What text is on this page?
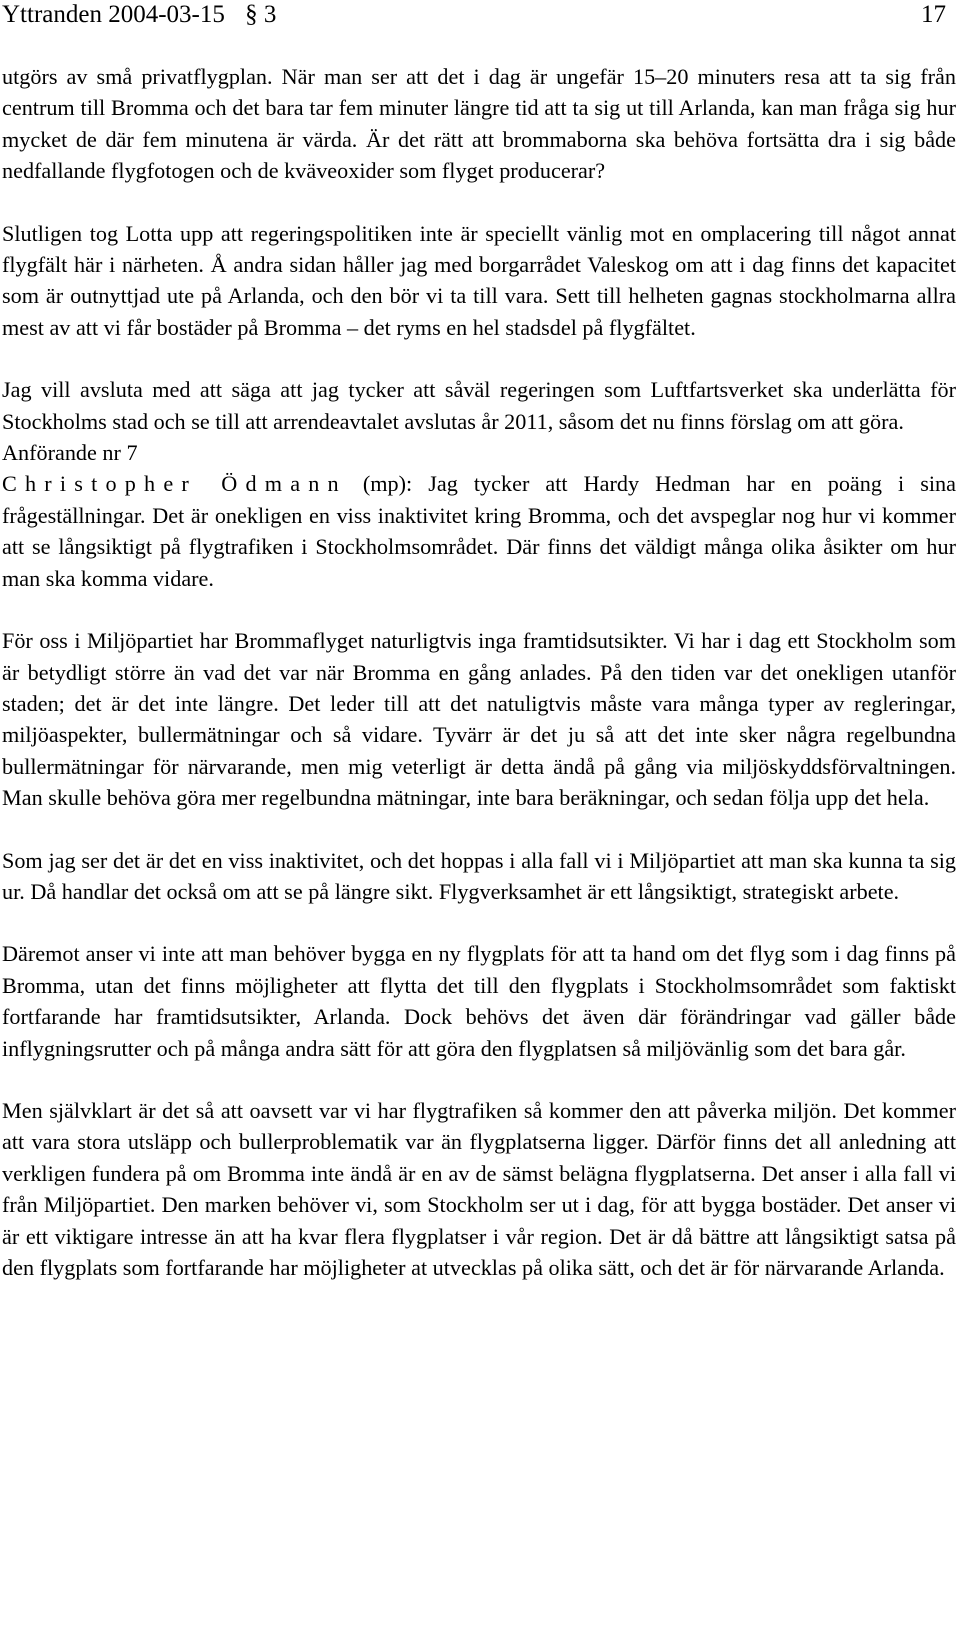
Yttranden 2004-03-15 § 3	17

utgörs av små privatflygplan. När man ser att det i dag är ungefär 15–20 minuters resa att ta sig från centrum till Bromma och det bara tar fem minuter längre tid att ta sig ut till Arlanda, kan man fråga sig hur mycket de där fem minutena är värda. Är det rätt att brommaborna ska behöva fortsätta dra i sig både nedfallande flygfotogen och de kväveoxider som flyget producerar?

Slutligen tog Lotta upp att regeringspolitiken inte är speciellt vänlig mot en omplacering till något annat flygfält här i närheten. Å andra sidan håller jag med borgarrådet Valeskog om att i dag finns det kapacitet som är outnyttjad ute på Arlanda, och den bör vi ta till vara. Sett till helheten gagnas stockholmarna allra mest av att vi får bostäder på Bromma – det ryms en hel stadsdel på flygfältet.

Jag vill avsluta med att säga att jag tycker att såväl regeringen som Luftfartsverket ska underlätta för Stockholms stad och se till att arrendeavtalet avslutas år 2011, såsom det nu finns förslag om att göra.

Anförande nr 7

Christopher Ödmann (mp): Jag tycker att Hardy Hedman har en poäng i sina frågeställningar. Det är onekligen en viss inaktivitet kring Bromma, och det avspeglar nog hur vi kommer att se långsiktigt på flygtrafiken i Stockholmsområdet. Där finns det väldigt många olika åsikter om hur man ska komma vidare.

För oss i Miljöpartiet har Brommaflyget naturligtvis inga framtidsutsikter. Vi har i dag ett Stockholm som är betydligt större än vad det var när Bromma en gång anlades. På den tiden var det onekligen utanför staden; det är det inte längre. Det leder till att det natuligtvis måste vara många typer av regleringar, miljöaspekter, bullermätningar och så vidare. Tyvärr är det ju så att det inte sker några regelbundna bullermätningar för närvarande, men mig veterligt är detta ändå på gång via miljöskyddsförvaltningen. Man skulle behöva göra mer regelbundna mätningar, inte bara beräkningar, och sedan följa upp det hela.

Som jag ser det är det en viss inaktivitet, och det hoppas i alla fall vi i Miljöpartiet att man ska kunna ta sig ur. Då handlar det också om att se på längre sikt. Flygverksamhet är ett långsiktigt, strategiskt arbete.

Däremot anser vi inte att man behöver bygga en ny flygplats för att ta hand om det flyg som i dag finns på Bromma, utan det finns möjligheter att flytta det till den flygplats i Stockholmsområdet som faktiskt fortfarande har framtidsutsikter, Arlanda. Dock behövs det även där förändringar vad gäller både inflygningsrutter och på många andra sätt för att göra den flygplatsen så miljövänlig som det bara går.

Men självklart är det så att oavsett var vi har flygtrafiken så kommer den att påverka miljön. Det kommer att vara stora utsläpp och bullerproblematik var än flygplatserna ligger. Därför finns det all anledning att verkligen fundera på om Bromma inte ändå är en av de sämst belägna flygplatserna. Det anser i alla fall vi från Miljöpartiet. Den marken behöver vi, som Stockholm ser ut i dag, för att bygga bostäder. Det anser vi är ett viktigare intresse än att ha kvar flera flygplatser i vår region. Det är då bättre att långsiktigt satsa på den flygplats som fortfarande har möjligheter at utvecklas på olika sätt, och det är för närvarande Arlanda.
